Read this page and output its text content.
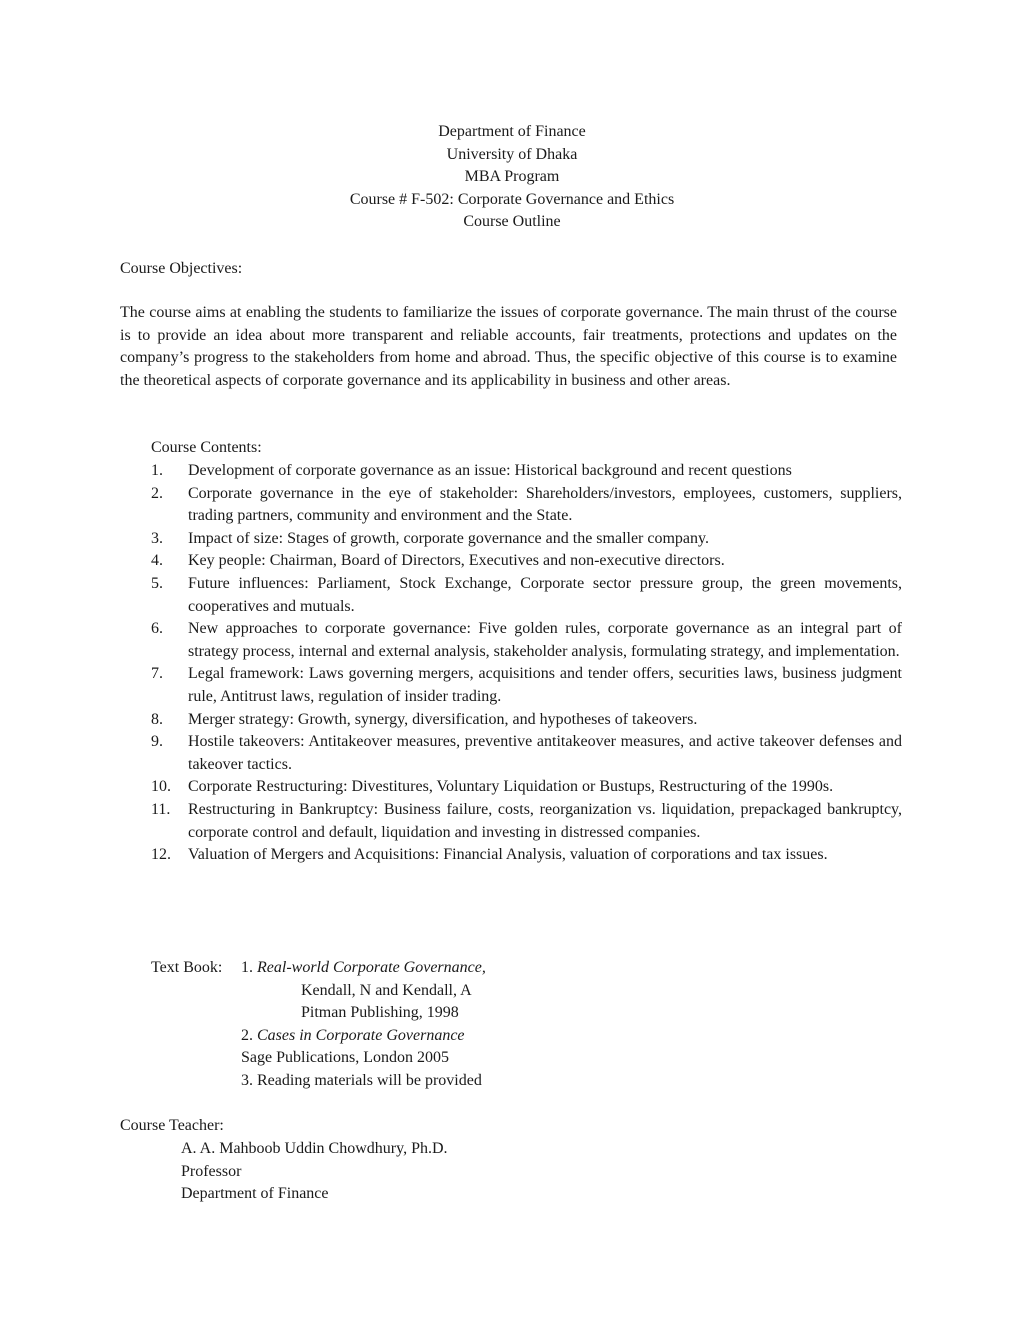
Department of Finance
University of Dhaka
MBA Program
Course # F-502: Corporate Governance and Ethics
Course Outline
Course Objectives:
The course aims at enabling the students to familiarize the issues of corporate governance. The main thrust of the course is to provide an idea about more transparent and reliable accounts, fair treatments, protections and updates on the company’s progress to the stakeholders from home and abroad. Thus, the specific objective of this course is to examine the theoretical aspects of corporate governance and its applicability in business and other areas.
Course Contents:
1.	Development of corporate governance as an issue: Historical background and recent questions
2.	Corporate governance in the eye of stakeholder: Shareholders/investors, employees, customers, suppliers, trading partners, community and environment and the State.
3.	Impact of size: Stages of growth, corporate governance and the smaller company.
4.	Key people: Chairman, Board of Directors, Executives and non-executive directors.
5.	Future influences: Parliament, Stock Exchange, Corporate sector pressure group, the green movements, cooperatives and mutuals.
6.	New approaches to corporate governance: Five golden rules, corporate governance as an integral part of strategy process, internal and external analysis, stakeholder analysis, formulating strategy, and implementation.
7.	Legal framework: Laws governing mergers, acquisitions and tender offers, securities laws, business judgment rule, Antitrust laws, regulation of insider trading.
8.	Merger strategy: Growth, synergy, diversification, and hypotheses of takeovers.
9.	Hostile takeovers: Antitakeover measures, preventive antitakeover measures, and active takeover defenses and takeover tactics.
10. Corporate Restructuring: Divestitures, Voluntary Liquidation or Bustups, Restructuring of the 1990s.
11. Restructuring in Bankruptcy: Business failure, costs, reorganization vs. liquidation, prepackaged bankruptcy, corporate control and default, liquidation and investing in distressed companies.
12. Valuation of Mergers and Acquisitions: Financial Analysis, valuation of corporations and tax issues.
Text Book: 1. Real-world Corporate Governance,
Kendall, N and Kendall, A
Pitman Publishing, 1998
2. Cases in Corporate Governance
Sage Publications, London 2005
3. Reading materials will be provided
Course Teacher:
A. A. Mahboob Uddin Chowdhury, Ph.D.
Professor
Department of Finance
